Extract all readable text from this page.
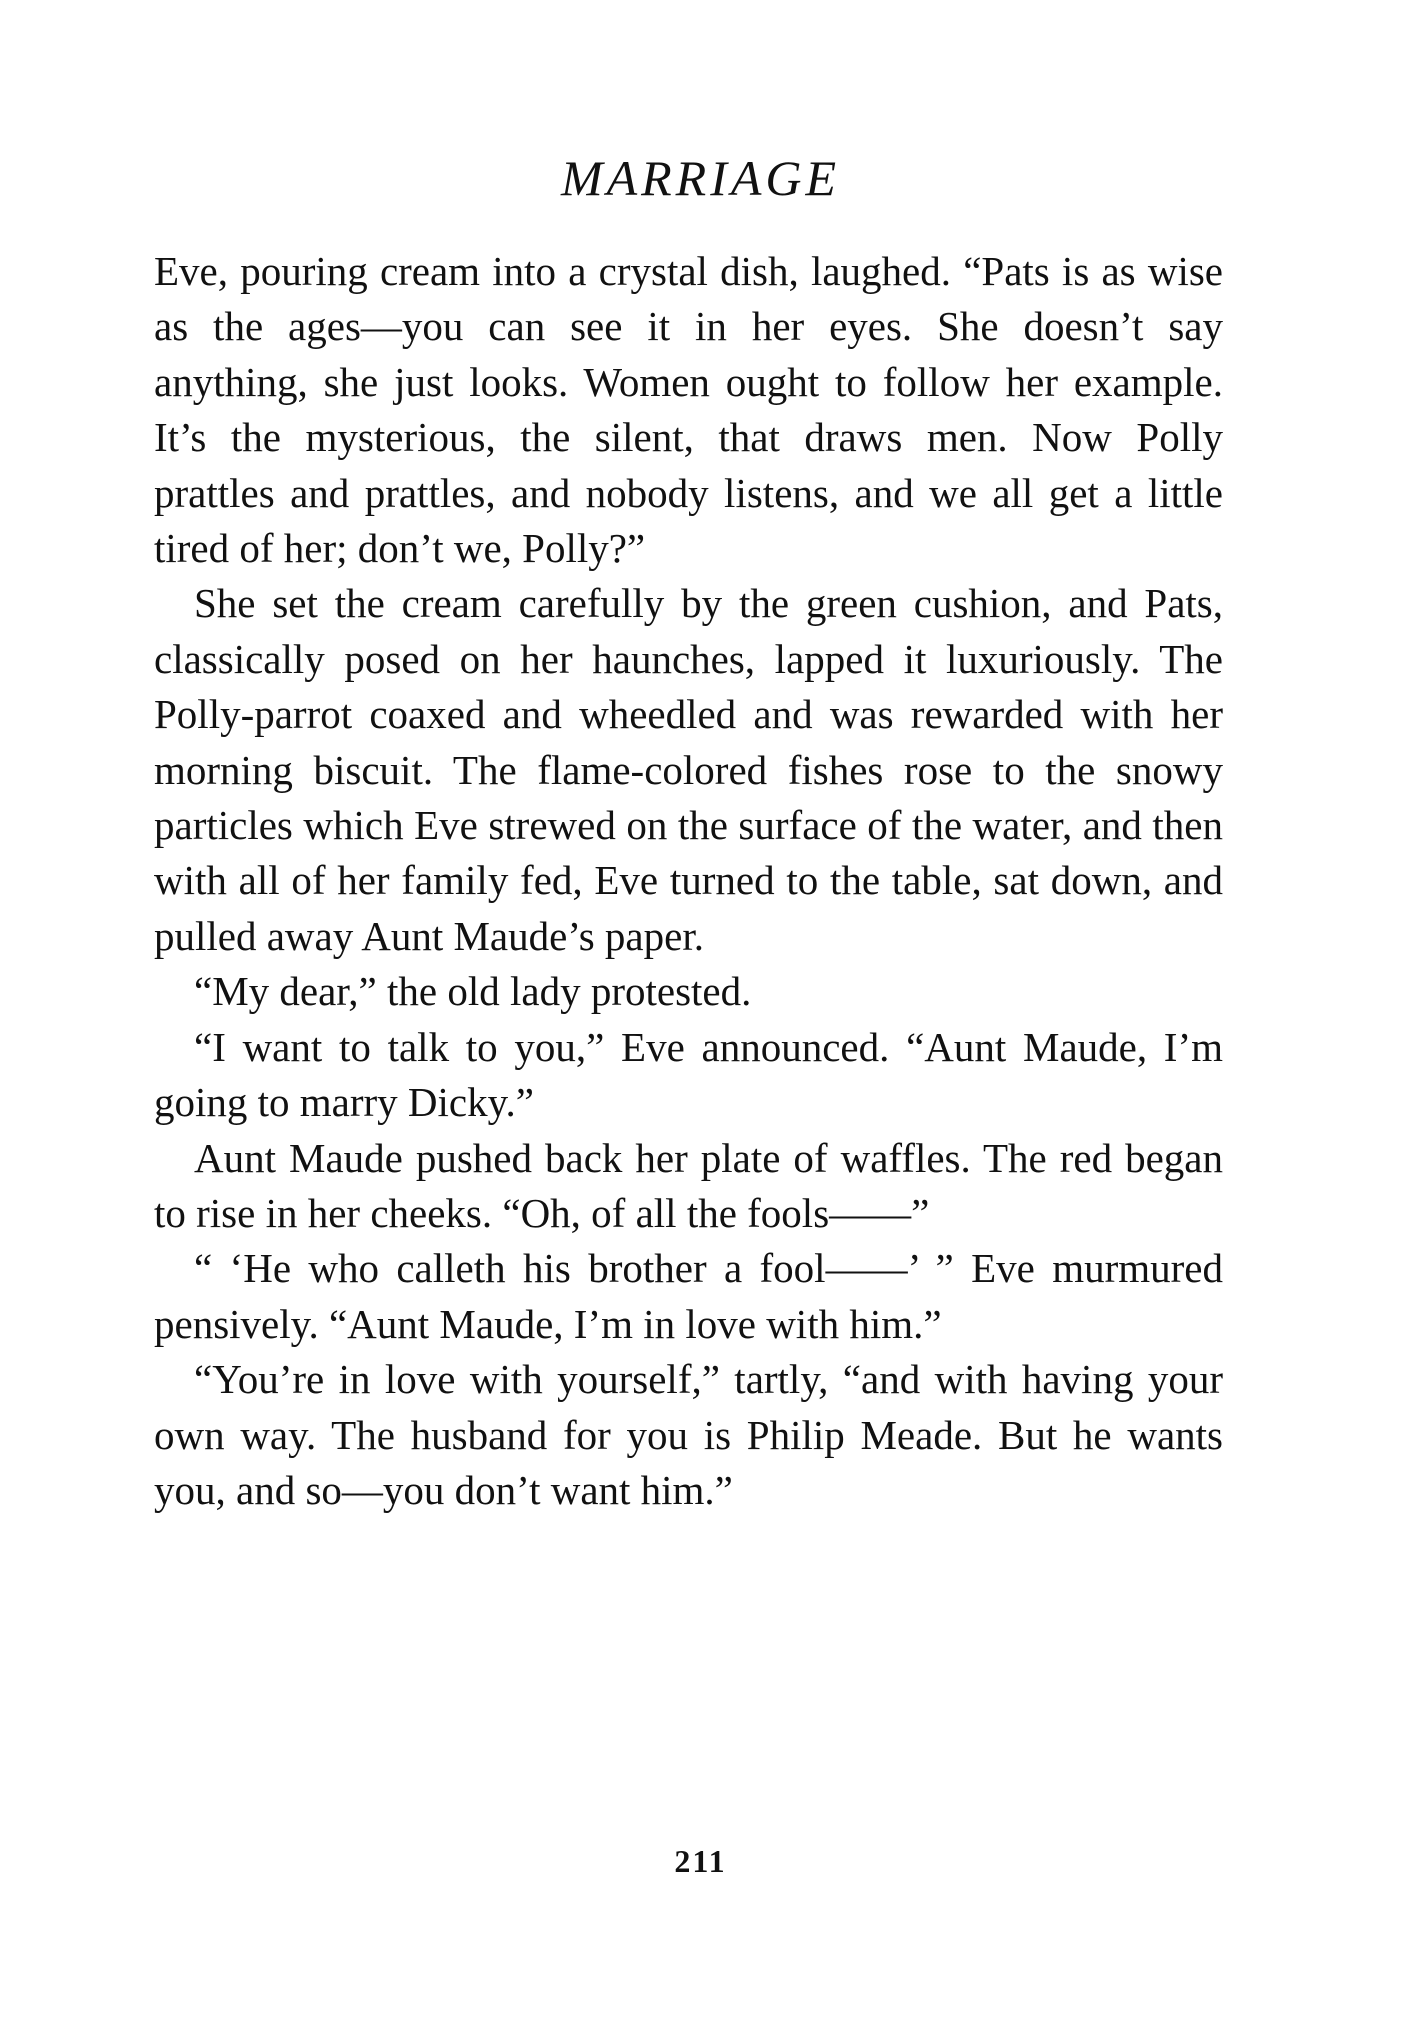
MARRIAGE

Eve, pouring cream into a crystal dish, laughed. “Pats is as wise as the ages—you can see it in her eyes. She doesn’t say anything, she just looks. Women ought to follow her example. It’s the mysterious, the silent, that draws men. Now Polly prattles and prattles, and nobody listens, and we all get a little tired of her; don’t we, Polly?”

She set the cream carefully by the green cushion, and Pats, classically posed on her haunches, lapped it luxuriously. The Polly-parrot coaxed and wheedled and was rewarded with her morning biscuit. The flame-colored fishes rose to the snowy particles which Eve strewed on the surface of the water, and then with all of her family fed, Eve turned to the table, sat down, and pulled away Aunt Maude’s paper.

“My dear,” the old lady protested.

“I want to talk to you,” Eve announced. “Aunt Maude, I’m going to marry Dicky.”

Aunt Maude pushed back her plate of waffles. The red began to rise in her cheeks. “Oh, of all the fools——”

“ ‘He who calleth his brother a fool——’ ” Eve murmured pensively. “Aunt Maude, I’m in love with him.”

“You’re in love with yourself,” tartly, “and with having your own way. The husband for you is Philip Meade. But he wants you, and so—you don’t want him.”

211
